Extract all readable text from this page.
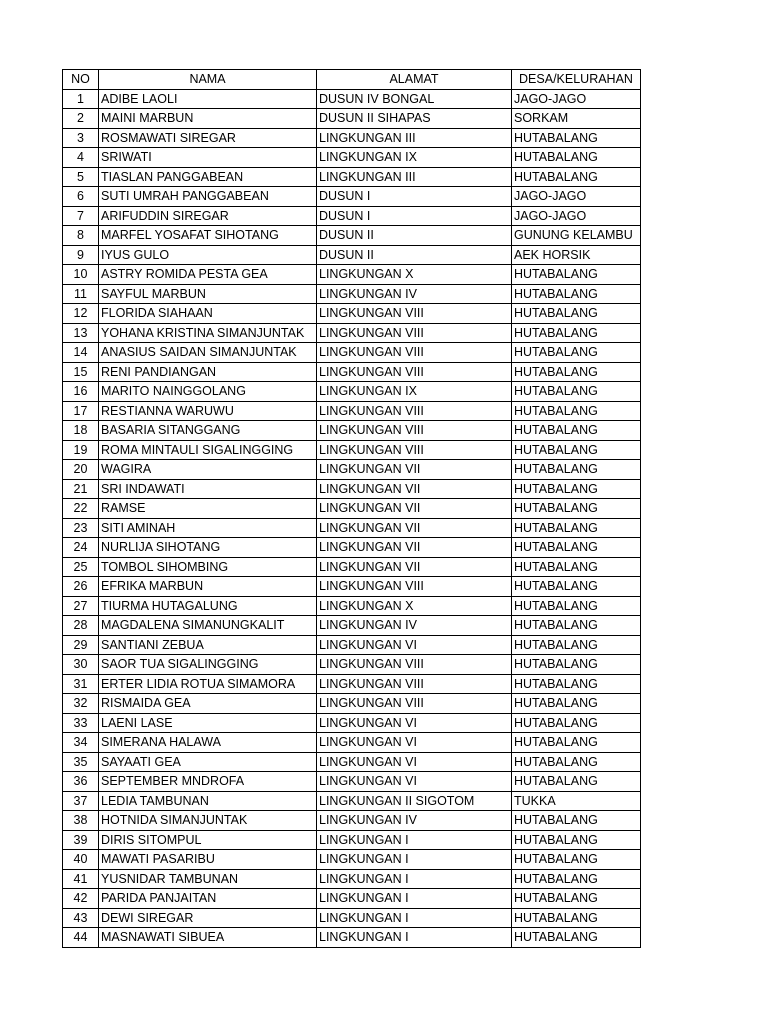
NO	NAMA	ALAMAT	DESA/KELURAHAN
1	ADIBE LAOLI	DUSUN IV BONGAL	JAGO-JAGO
2	MAINI MARBUN	DUSUN II SIHAPAS	SORKAM
3	ROSMAWATI SIREGAR	LINGKUNGAN III	HUTABALANG
4	SRIWATI	LINGKUNGAN IX	HUTABALANG
5	TIASLAN PANGGABEAN	LINGKUNGAN III	HUTABALANG
6	SUTI UMRAH PANGGABEAN	DUSUN I	JAGO-JAGO
7	ARIFUDDIN SIREGAR	DUSUN I	JAGO-JAGO
8	MARFEL YOSAFAT SIHOTANG	DUSUN II	GUNUNG KELAMBU
9	IYUS GULO	DUSUN II	AEK HORSIK
10	ASTRY ROMIDA PESTA GEA	LINGKUNGAN X	HUTABALANG
11	SAYFUL MARBUN	LINGKUNGAN IV	HUTABALANG
12	FLORIDA SIAHAAN	LINGKUNGAN VIII	HUTABALANG
13	YOHANA KRISTINA SIMANJUNTAK	LINGKUNGAN VIII	HUTABALANG
14	ANASIUS SAIDAN SIMANJUNTAK	LINGKUNGAN VIII	HUTABALANG
15	RENI PANDIANGAN	LINGKUNGAN VIII	HUTABALANG
16	MARITO NAINGGOLANG	LINGKUNGAN IX	HUTABALANG
17	RESTIANNA WARUWU	LINGKUNGAN VIII	HUTABALANG
18	BASARIA SITANGGANG	LINGKUNGAN VIII	HUTABALANG
19	ROMA MINTAULI SIGALINGGING	LINGKUNGAN VIII	HUTABALANG
20	WAGIRA	LINGKUNGAN VII	HUTABALANG
21	SRI INDAWATI	LINGKUNGAN VII	HUTABALANG
22	RAMSE	LINGKUNGAN VII	HUTABALANG
23	SITI AMINAH	LINGKUNGAN VII	HUTABALANG
24	NURLIJA SIHOTANG	LINGKUNGAN VII	HUTABALANG
25	TOMBOL SIHOMBING	LINGKUNGAN VII	HUTABALANG
26	EFRIKA MARBUN	LINGKUNGAN VIII	HUTABALANG
27	TIURMA HUTAGALUNG	LINGKUNGAN X	HUTABALANG
28	MAGDALENA SIMANUNGKALIT	LINGKUNGAN IV	HUTABALANG
29	SANTIANI ZEBUA	LINGKUNGAN VI	HUTABALANG
30	SAOR TUA SIGALINGGING	LINGKUNGAN VIII	HUTABALANG
31	ERTER LIDIA ROTUA SIMAMORA	LINGKUNGAN VIII	HUTABALANG
32	RISMAIDA GEA	LINGKUNGAN VIII	HUTABALANG
33	LAENI LASE	LINGKUNGAN VI	HUTABALANG
34	SIMERANA HALAWA	LINGKUNGAN VI	HUTABALANG
35	SAYAATI GEA	LINGKUNGAN VI	HUTABALANG
36	SEPTEMBER MNDROFA	LINGKUNGAN VI	HUTABALANG
37	LEDIA TAMBUNAN	LINGKUNGAN II SIGOTOM	TUKKA
38	HOTNIDA SIMANJUNTAK	LINGKUNGAN IV	HUTABALANG
39	DIRIS SITOMPUL	LINGKUNGAN I	HUTABALANG
40	MAWATI PASARIBU	LINGKUNGAN I	HUTABALANG
41	YUSNIDAR TAMBUNAN	LINGKUNGAN I	HUTABALANG
42	PARIDA PANJAITAN	LINGKUNGAN I	HUTABALANG
43	DEWI SIREGAR	LINGKUNGAN I	HUTABALANG
44	MASNAWATI SIBUEA	LINGKUNGAN I	HUTABALANG
